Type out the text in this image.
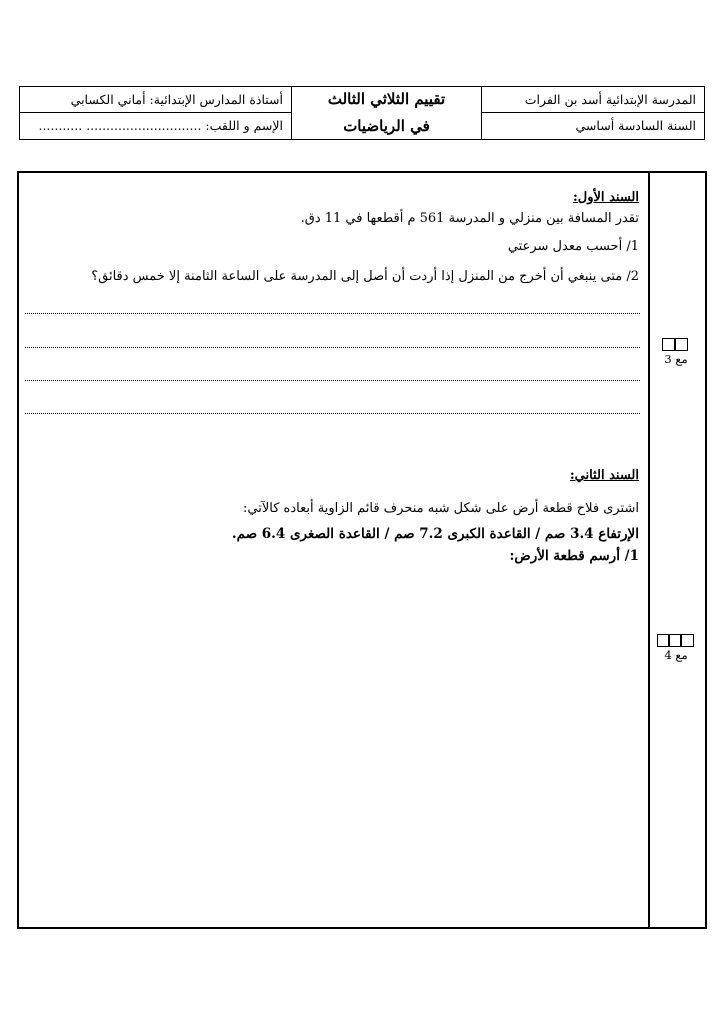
المدرسة الإبتدائية أسد بن الفرات
السنة السادسة أساسي
تقييم الثلاثي الثالث
في الرياضيات
أستاذة المدارس الإبتدائية: أماني الكسابي
الإسم و اللقب: ............................. ...........
مع 3
مع 4
السند الأول:
تقدر المسافة بين منزلي و المدرسة 561 م أقطعها في 11 دق.
1/ أحسب معدل سرعتي
2/ متى ينبغي أن أخرج من المنزل إذا أردت أن أصل إلى المدرسة على الساعة الثامنة إلا خمس دقائق؟
السند الثاني:
اشترى فلاح قطعة أرض على شكل شبه منحرف قائم الزاوية أبعاده كالآتي:
الإرتفاع 3.4 صم / القاعدة الكبرى 7.2 صم / القاعدة الصغرى 6.4 صم.
1/ أرسم قطعة الأرض:
